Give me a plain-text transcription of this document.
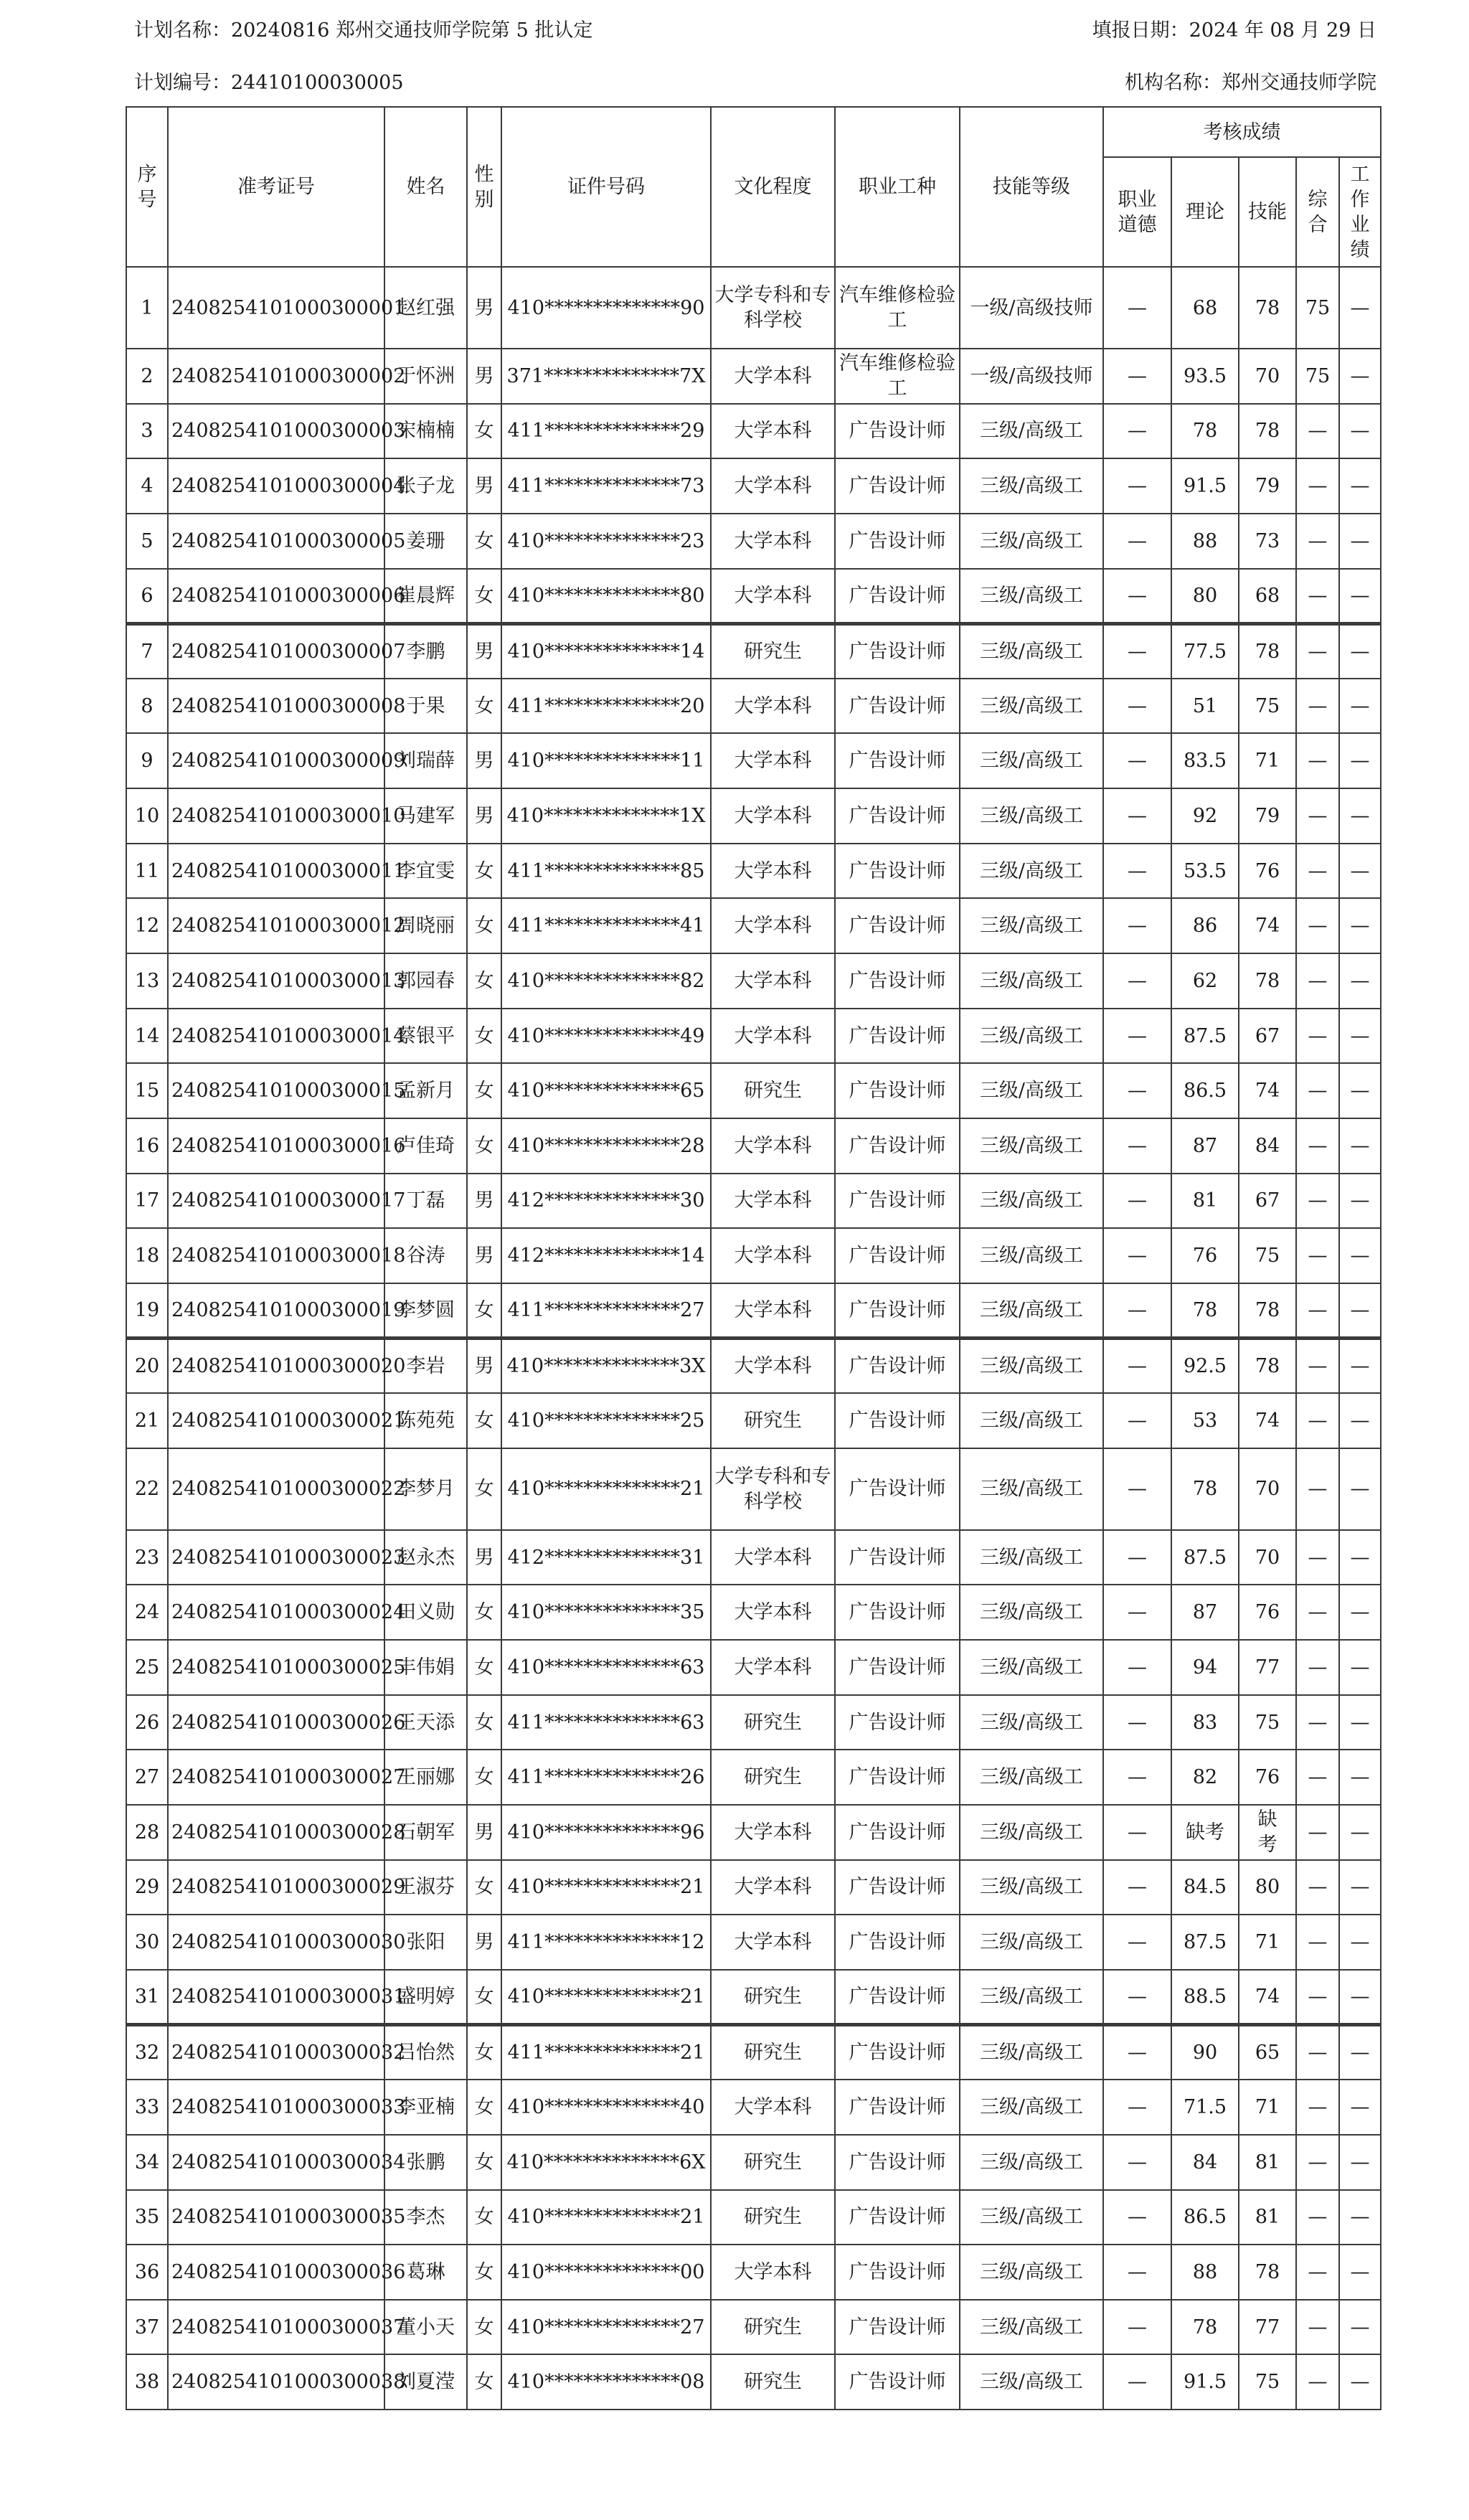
计划名称：20240816 郑州交通技师学院第 5 批认定	填报日期：2024 年 08 月 29 日
计划编号：24410100030005	机构名称：郑州交通技师学院
序号	准考证号	姓名	性别	证件号码	文化程度	职业工种	技能等级	考核成绩				
								职业道德	理论	技能	综合	工作业绩
1	2408254101000300001	赵红强	男	410**************90	大学专科和专科学校	汽车维修检验工	一级/高级技师	—	68	78	75	—
2	2408254101000300002	于怀洲	男	371**************7X	大学本科	汽车维修检验工	一级/高级技师	—	93.5	70	75	—
3	2408254101000300003	宋楠楠	女	411**************29	大学本科	广告设计师	三级/高级工	—	78	78	—	—
4	2408254101000300004	张子龙	男	411**************73	大学本科	广告设计师	三级/高级工	—	91.5	79	—	—
5	2408254101000300005	姜珊	女	410**************23	大学本科	广告设计师	三级/高级工	—	88	73	—	—
6	2408254101000300006	崔晨辉	女	410**************80	大学本科	广告设计师	三级/高级工	—	80	68	—	—
7	2408254101000300007	李鹏	男	410**************14	研究生	广告设计师	三级/高级工	—	77.5	78	—	—
8	2408254101000300008	于果	女	411**************20	大学本科	广告设计师	三级/高级工	—	51	75	—	—
9	2408254101000300009	刘瑞薛	男	410**************11	大学本科	广告设计师	三级/高级工	—	83.5	71	—	—
10	2408254101000300010	马建军	男	410**************1X	大学本科	广告设计师	三级/高级工	—	92	79	—	—
11	2408254101000300011	李宜雯	女	411**************85	大学本科	广告设计师	三级/高级工	—	53.5	76	—	—
12	2408254101000300012	周晓丽	女	411**************41	大学本科	广告设计师	三级/高级工	—	86	74	—	—
13	2408254101000300013	郭园春	女	410**************82	大学本科	广告设计师	三级/高级工	—	62	78	—	—
14	2408254101000300014	蔡银平	女	410**************49	大学本科	广告设计师	三级/高级工	—	87.5	67	—	—
15	2408254101000300015	孟新月	女	410**************65	研究生	广告设计师	三级/高级工	—	86.5	74	—	—
16	2408254101000300016	卢佳琦	女	410**************28	大学本科	广告设计师	三级/高级工	—	87	84	—	—
17	2408254101000300017	丁磊	男	412**************30	大学本科	广告设计师	三级/高级工	—	81	67	—	—
18	2408254101000300018	谷涛	男	412**************14	大学本科	广告设计师	三级/高级工	—	76	75	—	—
19	2408254101000300019	李梦圆	女	411**************27	大学本科	广告设计师	三级/高级工	—	78	78	—	—
20	2408254101000300020	李岩	男	410**************3X	大学本科	广告设计师	三级/高级工	—	92.5	78	—	—
21	2408254101000300021	陈苑苑	女	410**************25	研究生	广告设计师	三级/高级工	—	53	74	—	—
22	2408254101000300022	李梦月	女	410**************21	大学专科和专科学校	广告设计师	三级/高级工	—	78	70	—	—
23	2408254101000300023	赵永杰	男	412**************31	大学本科	广告设计师	三级/高级工	—	87.5	70	—	—
24	2408254101000300024	田义勋	女	410**************35	大学本科	广告设计师	三级/高级工	—	87	76	—	—
25	2408254101000300025	丰伟娟	女	410**************63	大学本科	广告设计师	三级/高级工	—	94	77	—	—
26	2408254101000300026	王天添	女	411**************63	研究生	广告设计师	三级/高级工	—	83	75	—	—
27	2408254101000300027	王丽娜	女	411**************26	研究生	广告设计师	三级/高级工	—	82	76	—	—
28	2408254101000300028	石朝军	男	410**************96	大学本科	广告设计师	三级/高级工	—	缺考	缺考	—	—
29	2408254101000300029	王淑芬	女	410**************21	大学本科	广告设计师	三级/高级工	—	84.5	80	—	—
30	2408254101000300030	张阳	男	411**************12	大学本科	广告设计师	三级/高级工	—	87.5	71	—	—
31	2408254101000300031	盛明婷	女	410**************21	研究生	广告设计师	三级/高级工	—	88.5	74	—	—
32	2408254101000300032	吕怡然	女	411**************21	研究生	广告设计师	三级/高级工	—	90	65	—	—
33	2408254101000300033	李亚楠	女	410**************40	大学本科	广告设计师	三级/高级工	—	71.5	71	—	—
34	2408254101000300034	张鹏	女	410**************6X	研究生	广告设计师	三级/高级工	—	84	81	—	—
35	2408254101000300035	李杰	女	410**************21	研究生	广告设计师	三级/高级工	—	86.5	81	—	—
36	2408254101000300036	葛琳	女	410**************00	大学本科	广告设计师	三级/高级工	—	88	78	—	—
37	2408254101000300037	董小天	女	410**************27	研究生	广告设计师	三级/高级工	—	78	77	—	—
38	2408254101000300038	刘夏滢	女	410**************08	研究生	广告设计师	三级/高级工	—	91.5	75	—	—
